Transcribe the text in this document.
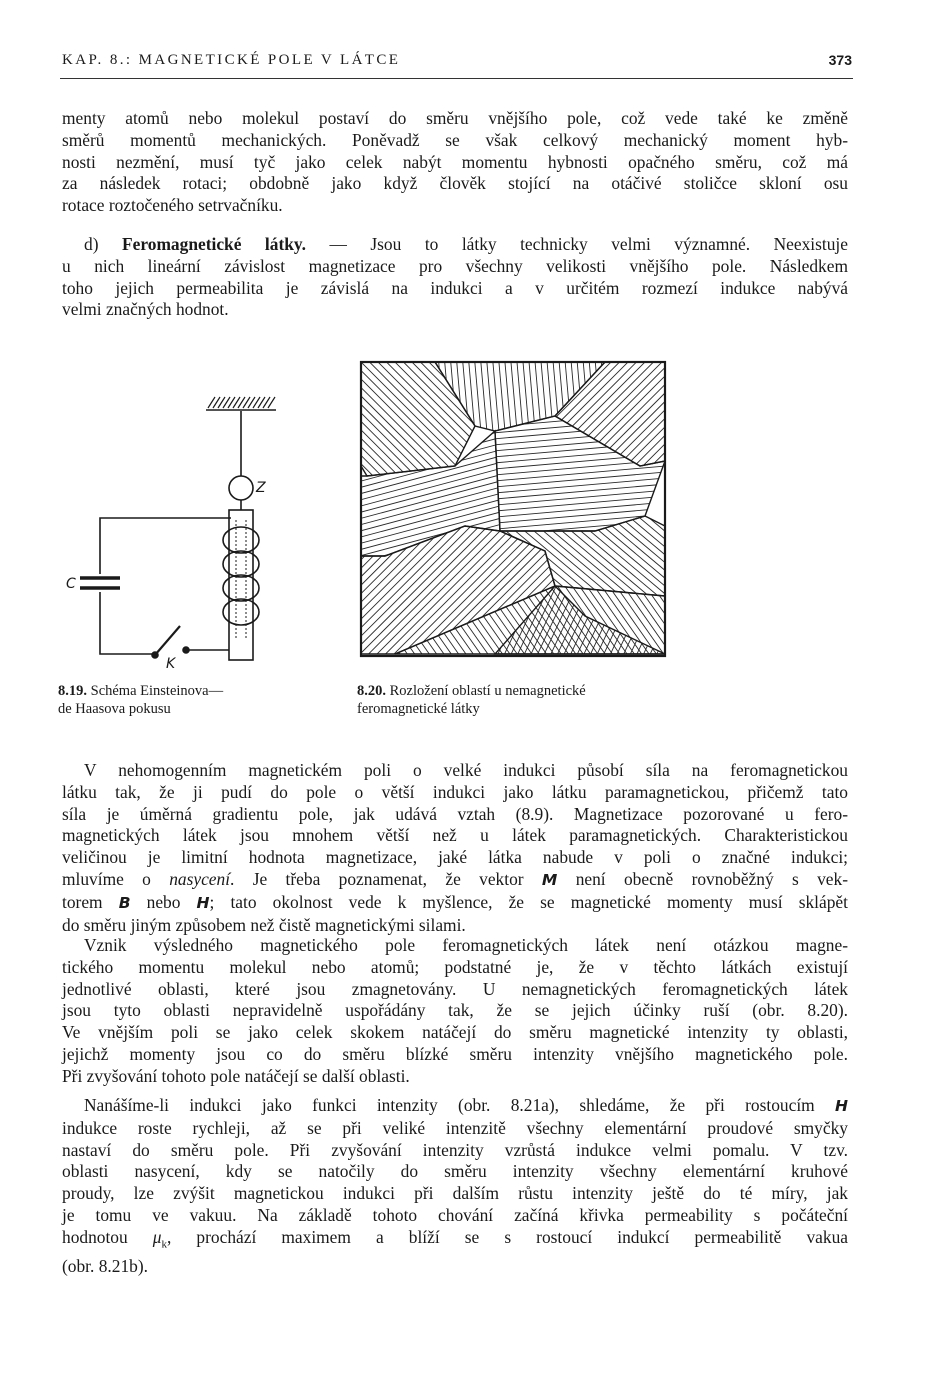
KAP. 8.: MAGNETICKÉ POLE V LÁTCE	373
menty atomů nebo molekul postaví do směru vnějšího pole, což vede také ke změně
směrů momentů mechanických. Poněvadž se však celkový mechanický moment hyb-
nosti nezmění, musí tyč jako celek nabýt momentu hybnosti opačného směru, což má
za následek rotaci; obdobně jako když člověk stojící na otáčivé stoličce skloní osu
rotace roztočeného setrvačníku.
d) Feromagnetické látky. — Jsou to látky technicky velmi významné. Neexistuje
u nich lineární závislost magnetizace pro všechny velikosti vnějšího pole. Následkem
toho jejich permeabilita je závislá na indukci a v určitém rozmezí indukce nabývá
velmi značných hodnot.
Z
C
K
8.19. Schéma Einsteinova—
de Haasova pokusu
8.20. Rozložení oblastí u nemagnetické
feromagnetické látky
V nehomogenním magnetickém poli o velké indukci působí síla na feromagnetickou
látku tak, že ji pudí do pole o větší indukci jako látku paramagnetickou, přičemž tato
síla je úměrná gradientu pole, jak udává vztah (8.9). Magnetizace pozorované u fero-
magnetických látek jsou mnohem větší než u látek paramagnetických. Charakteristickou
veličinou je limitní hodnota magnetizace, jaké látka nabude v poli o značné indukci;
mluvíme o nasycení. Je třeba poznamenat, že vektor M není obecně rovnoběžný s vek-
torem B nebo H; tato okolnost vede k myšlence, že se magnetické momenty musí sklápět
do směru jiným způsobem než čistě magnetickými silami.
Vznik výsledného magnetického pole feromagnetických látek není otázkou magne-
tického momentu molekul nebo atomů; podstatné je, že v těchto látkách existují
jednotlivé oblasti, které jsou zmagnetovány. U nemagnetických feromagnetických látek
jsou tyto oblasti nepravidelně uspořádány tak, že se jejich účinky ruší (obr. 8.20).
Ve vnějším poli se jako celek skokem natáčejí do směru magnetické intenzity ty oblasti,
jejichž momenty jsou co do směru blízké směru intenzity vnějšího magnetického pole.
Při zvyšování tohoto pole natáčejí se další oblasti.
Nanášíme-li indukci jako funkci intenzity (obr. 8.21a), shledáme, že při rostoucím H
indukce roste rychleji, až se při veliké intenzitě všechny elementární proudové smyčky
nastaví do směru pole. Při zvyšování intenzity vzrůstá indukce velmi pomalu. V tzv.
oblasti nasycení, kdy se natočily do směru intenzity všechny elementární kruhové
proudy, lze zvýšit magnetickou indukci při dalším růstu intenzity ještě do té míry, jak
je tomu ve vakuu. Na základě tohoto chování začíná křivka permeability s počáteční
hodnotou $\mu_k$, prochází maximem a blíží se s rostoucí indukcí permeabilitě vakua
(obr. 8.21b).
